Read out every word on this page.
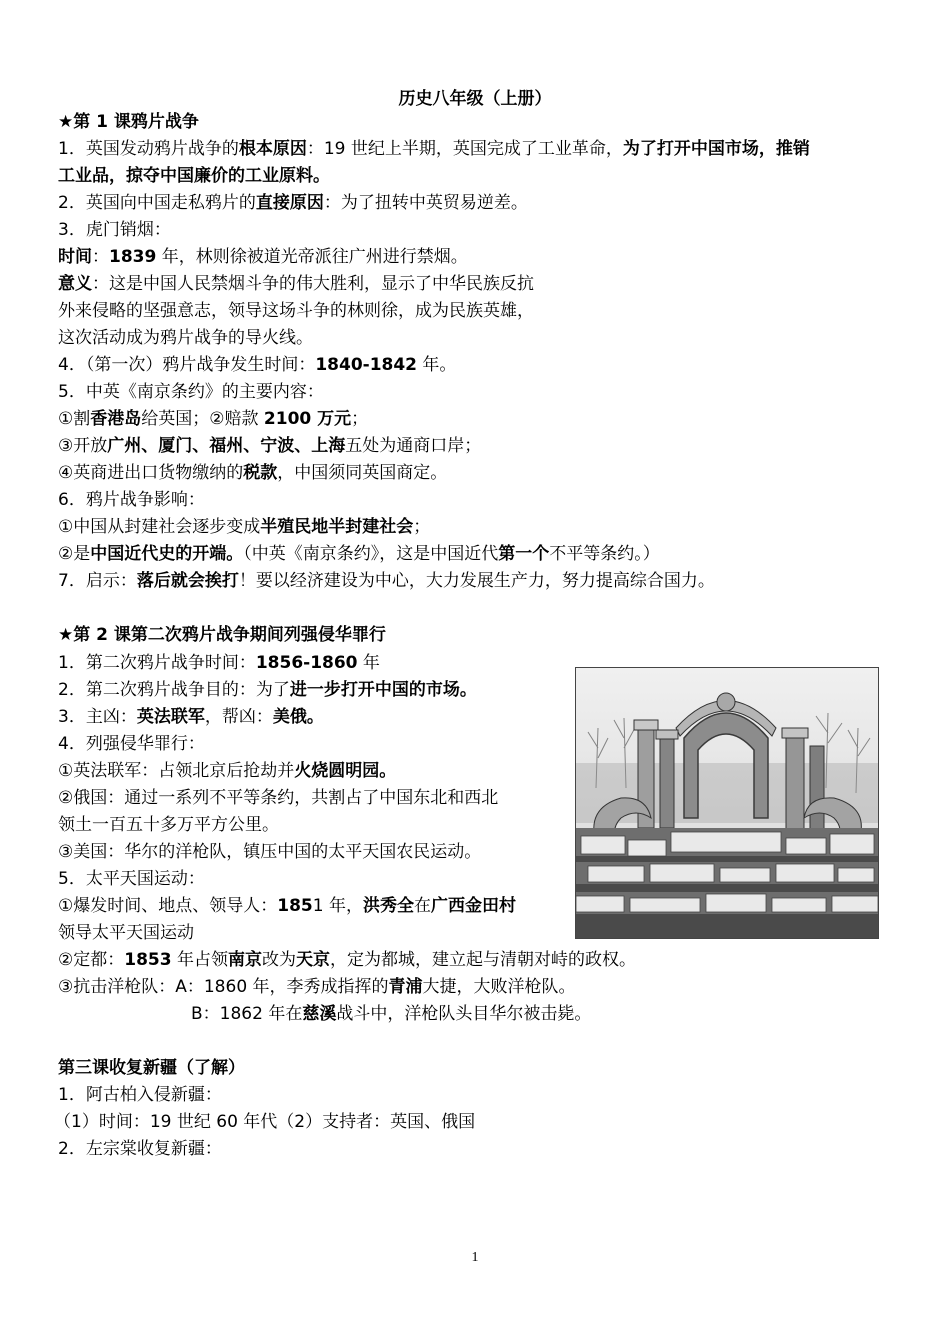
历史八年级（上册）
★第 1 课鸦片战争
1．英国发动鸦片战争的根本原因：19 世纪上半期，英国完成了工业革命，为了打开中国市场，推销
工业品，掠夺中国廉价的工业原料。
2．英国向中国走私鸦片的直接原因：为了扭转中英贸易逆差。
3．虎门销烟：
时间：1839 年，林则徐被道光帝派往广州进行禁烟。
意义：这是中国人民禁烟斗争的伟大胜利，显示了中华民族反抗
外来侵略的坚强意志，领导这场斗争的林则徐，成为民族英雄，
这次活动成为鸦片战争的导火线。
4．（第一次）鸦片战争发生时间：1840-1842 年。
5．中英《南京条约》的主要内容：
①割香港岛给英国；②赔款 2100 万元；
③开放广州、厦门、福州、宁波、上海五处为通商口岸；
④英商进出口货物缴纳的税款，中国须同英国商定。
6．鸦片战争影响：
①中国从封建社会逐步变成半殖民地半封建社会；
②是中国近代史的开端。（中英《南京条约》，这是中国近代第一个不平等条约。）
7．启示：落后就会挨打！要以经济建设为中心，大力发展生产力，努力提高综合国力。
★第 2 课第二次鸦片战争期间列强侵华罪行
1．第二次鸦片战争时间：1856-1860 年
2．第二次鸦片战争目的：为了进一步打开中国的市场。
3．主凶：英法联军，帮凶：美俄。
4．列强侵华罪行：
①英法联军：占领北京后抢劫并火烧圆明园。
②俄国：通过一系列不平等条约，共割占了中国东北和西北
领土一百五十多万平方公里。
③美国：华尔的洋枪队，镇压中国的太平天国农民运动。
5．太平天国运动：
①爆发时间、地点、领导人：1851 年，洪秀全在广西金田村
领导太平天国运动
②定都：1853 年占领南京改为天京，定为都城，建立起与清朝对峙的政权。
③抗击洋枪队：A：1860 年，李秀成指挥的青浦大捷，大败洋枪队。
B：1862 年在慈溪战斗中，洋枪队头目华尔被击毙。
第三课收复新疆（了解）
1．阿古柏入侵新疆：
（1）时间：19 世纪 60 年代（2）支持者：英国、俄国
2．左宗棠收复新疆：
1
